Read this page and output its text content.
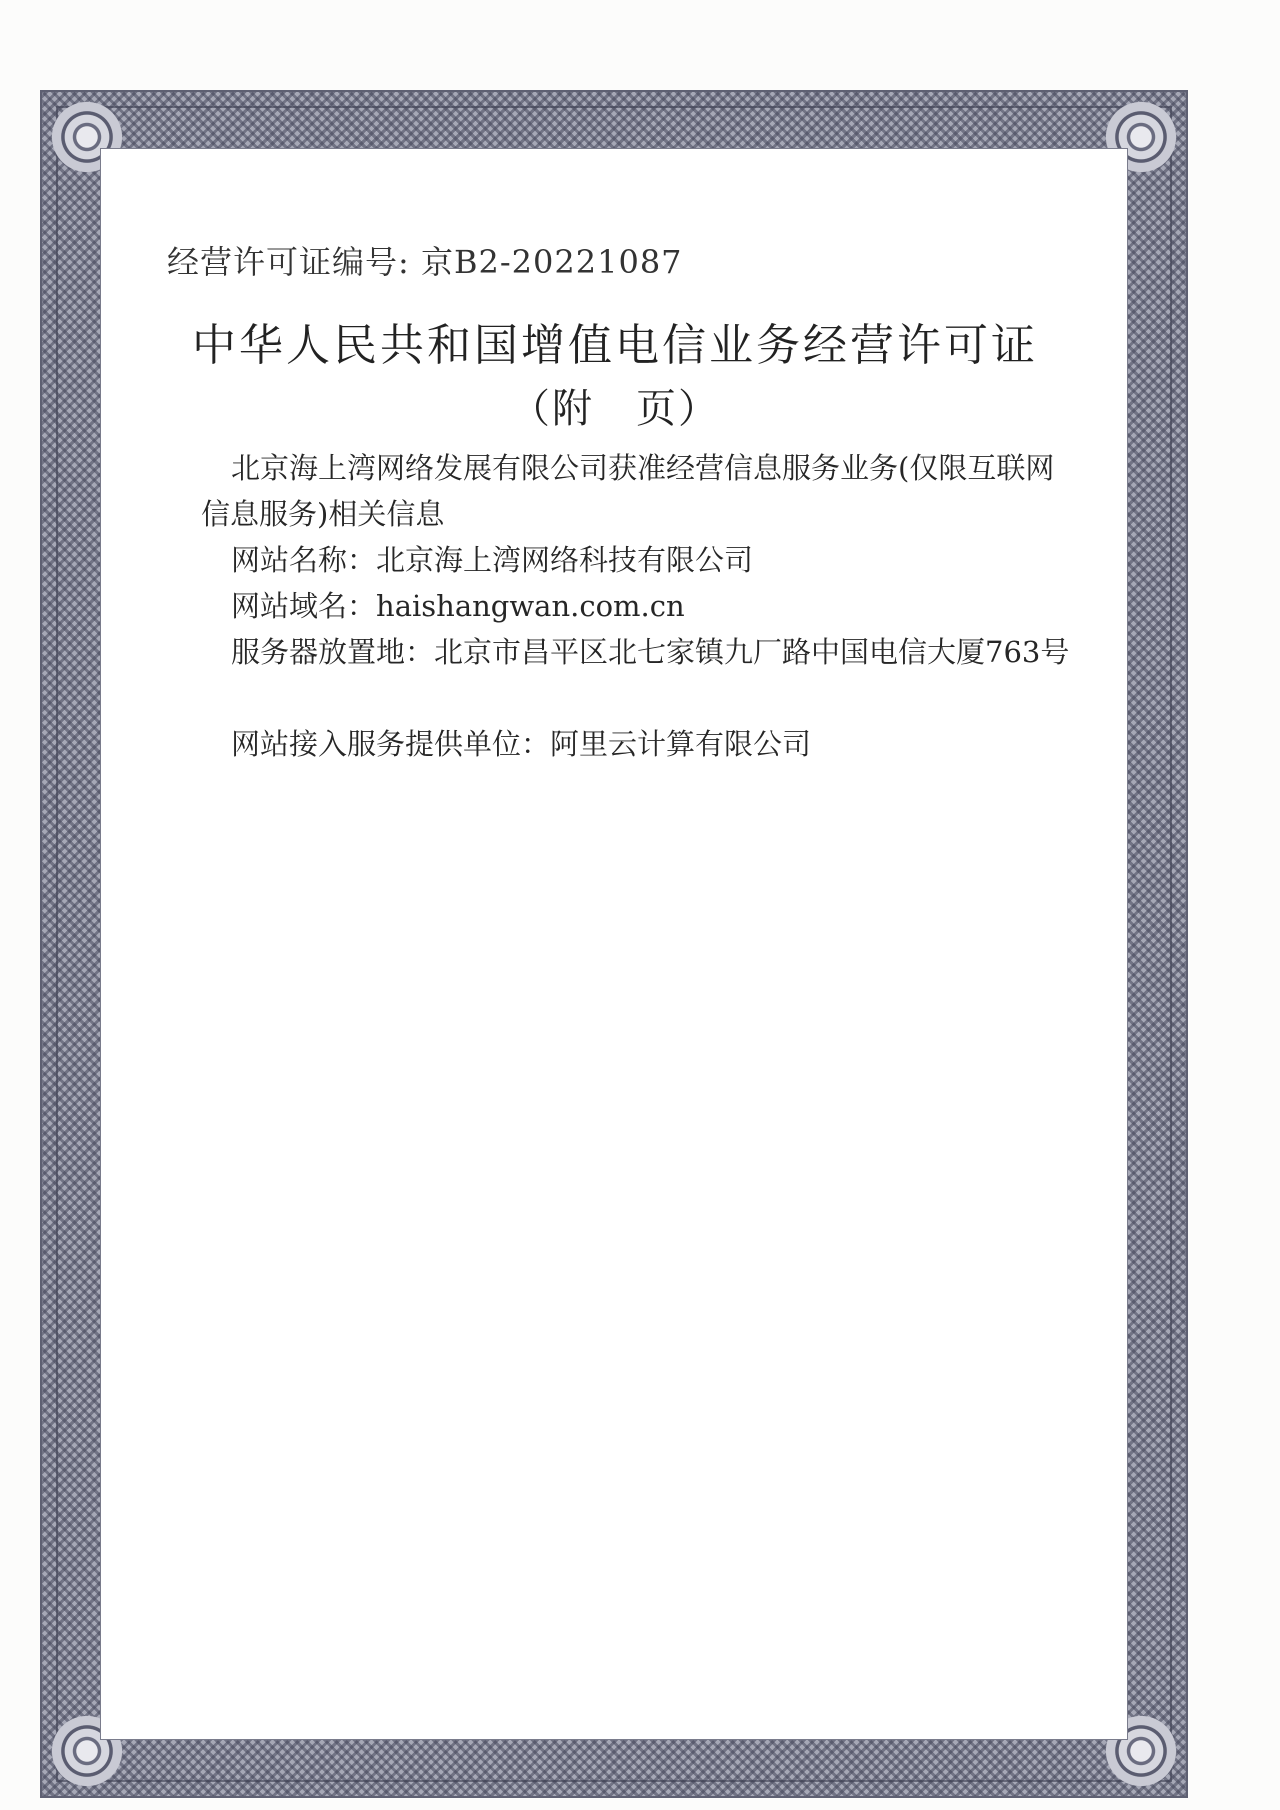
经营许可证编号: 京B2-20221087
中华人民共和国增值电信业务经营许可证
（附　页）
北京海上湾网络发展有限公司获准经营信息服务业务(仅限互联网信息服务)相关信息
网站名称：北京海上湾网络科技有限公司
网站域名：haishangwan.com.cn
服务器放置地：北京市昌平区北七家镇九厂路中国电信大厦763号
网站接入服务提供单位：阿里云计算有限公司
